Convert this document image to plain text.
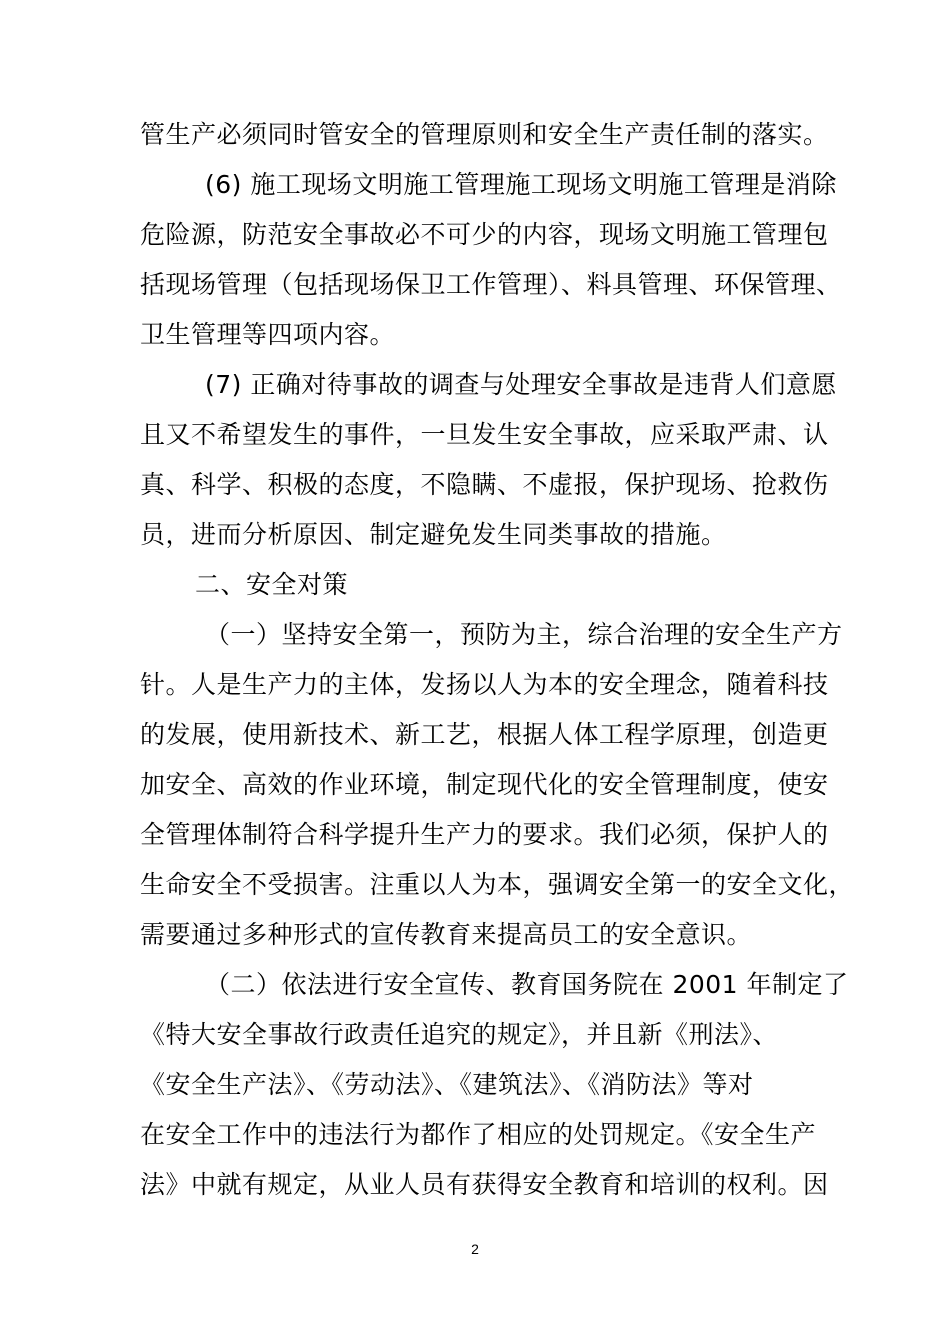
管生产必须同时管安全的管理原则和安全生产责任制的落实。
(6) 施工现场文明施工管理施工现场文明施工管理是消除
危险源，防范安全事故必不可少的内容，现场文明施工管理包
括现场管理（包括现场保卫工作管理）、料具管理、环保管理、
卫生管理等四项内容。
(7) 正确对待事故的调查与处理安全事故是违背人们意愿
且又不希望发生的事件，一旦发生安全事故，应采取严肃、认
真、科学、积极的态度，不隐瞒、不虚报，保护现场、抢救伤
员，进而分析原因、制定避免发生同类事故的措施。
二、安全对策
（一）坚持安全第一，预防为主，综合治理的安全生产方
针。人是生产力的主体，发扬以人为本的安全理念，随着科技
的发展，使用新技术、新工艺，根据人体工程学原理，创造更
加安全、高效的作业环境，制定现代化的安全管理制度，使安
全管理体制符合科学提升生产力的要求。我们必须，保护人的
生命安全不受损害。注重以人为本，强调安全第一的安全文化，
需要通过多种形式的宣传教育来提高员工的安全意识。
（二）依法进行安全宣传、教育国务院在 2001 年制定了
《特大安全事故行政责任追究的规定》，并且新《刑法》、
《安全生产法》、《劳动法》、《建筑法》、《消防法》等对
在安全工作中的违法行为都作了相应的处罚规定。《安全生产
法》中就有规定，从业人员有获得安全教育和培训的权利。因
2
